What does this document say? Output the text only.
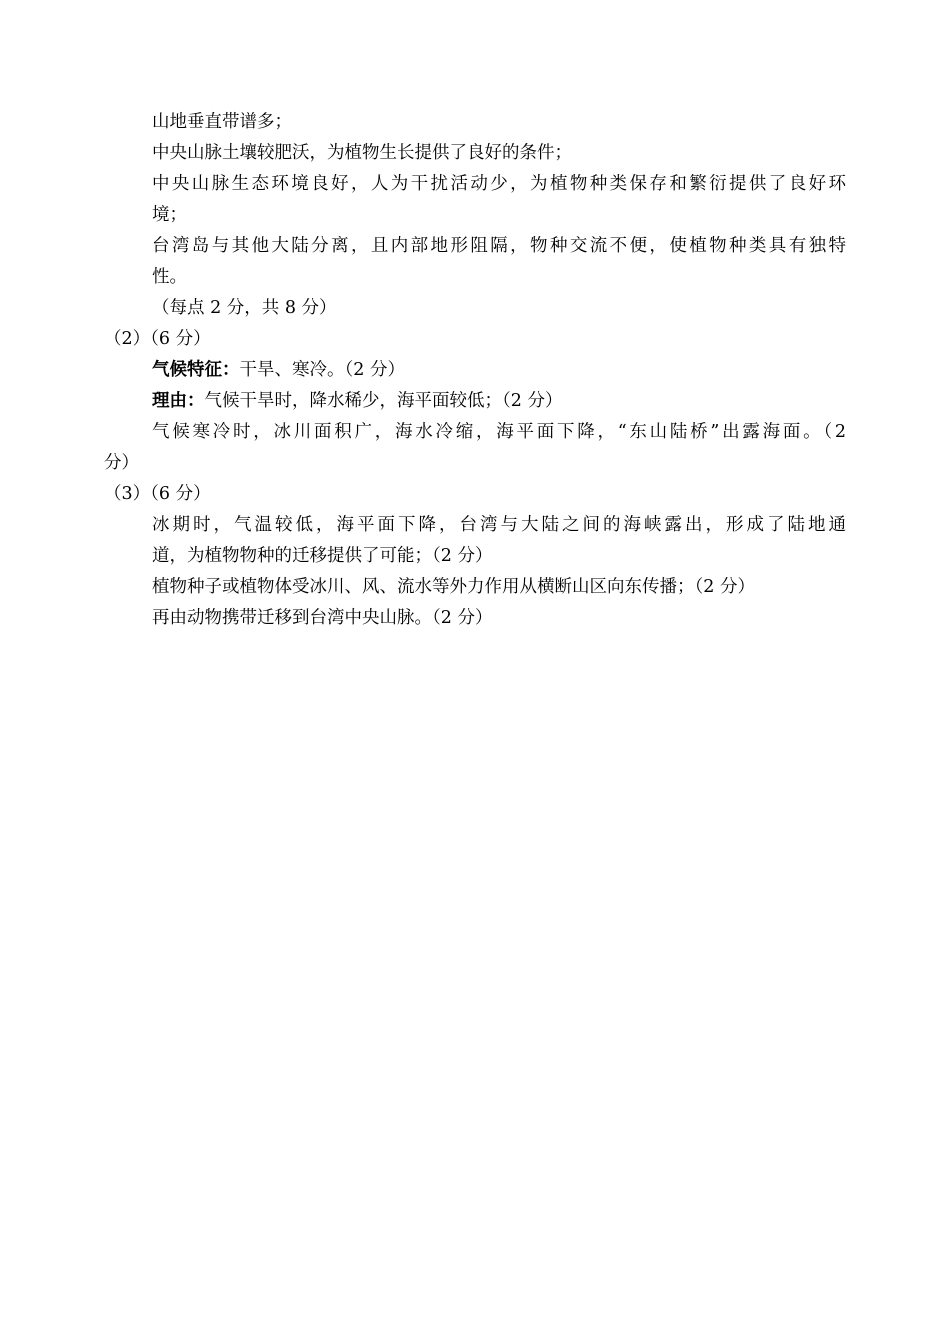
山地垂直带谱多；
中央山脉土壤较肥沃，为植物生长提供了良好的条件；
中央山脉生态环境良好，人为干扰活动少，为植物种类保存和繁衍提供了良好环
境；
台湾岛与其他大陆分离，且内部地形阻隔，物种交流不便，使植物种类具有独特
性。
（每点 2 分，共 8 分）
（2）（6 分）
气候特征：干旱、寒冷。（2 分）
理由：气候干旱时，降水稀少，海平面较低；（2 分）
气候寒冷时，冰川面积广，海水冷缩，海平面下降，“东山陆桥”出露海面。（2
分）
（3）（6 分）
冰期时，气温较低，海平面下降，台湾与大陆之间的海峡露出，形成了陆地通
道，为植物物种的迁移提供了可能；（2 分）
植物种子或植物体受冰川、风、流水等外力作用从横断山区向东传播；（2 分）
再由动物携带迁移到台湾中央山脉。（2 分）
